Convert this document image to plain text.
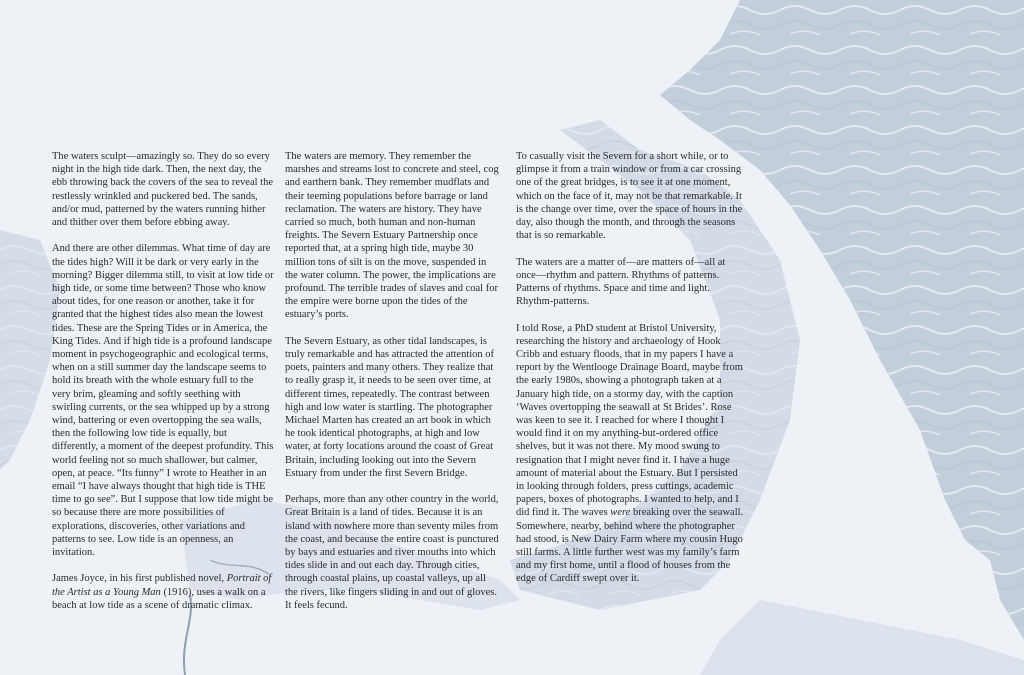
The waters sculpt—amazingly so. They do so every night in the high tide dark. Then, the next day, the ebb throwing back the covers of the sea to reveal the restlessly wrinkled and puckered bed. The sands, and/or mud, patterned by the waters running hither and thither over them before ebbing away.

And there are other dilemmas. What time of day are the tides high? Will it be dark or very early in the morning? Bigger dilemma still, to visit at low tide or high tide, or some time between? Those who know about tides, for one reason or another, take it for granted that the highest tides also mean the lowest tides. These are the Spring Tides or in America, the King Tides. And if high tide is a profound landscape moment in psychogeographic and ecological terms, when on a still summer day the landscape seems to hold its breath with the whole estuary full to the very brim, gleaming and softly seething with swirling currents, or the sea whipped up by a strong wind, battering or even overtopping the sea walls, then the following low tide is equally, but differently, a moment of the deepest profundity. This world feeling not so much shallower, but calmer, open, at peace. “Its funny” I wrote to Heather in an email “I have always thought that high tide is THE time to go see”. But I suppose that low tide might be so because there are more possibilities of explorations, discoveries, other variations and patterns to see. Low tide is an openness, an invitation.

James Joyce, in his first published novel, Portrait of the Artist as a Young Man (1916), uses a walk on a beach at low tide as a scene of dramatic climax.

The waters are memory. They remember the marshes and streams lost to concrete and steel, cog and earthern bank. They remember mudflats and their teeming populations before barrage or land reclamation. The waters are history. They have carried so much, both human and non-human freights. The Severn Estuary Partnership once reported that, at a spring high tide, maybe 30 million tons of silt is on the move, suspended in the water column. The power, the implications are profound. The terrible trades of slaves and coal for the empire were borne upon the tides of the estuary’s ports.

The Severn Estuary, as other tidal landscapes, is truly remarkable and has attracted the attention of poets, painters and many others. They realize that to really grasp it, it needs to be seen over time, at different times, repeatedly. The contrast between high and low water is startling. The photographer Michael Marten has created an art book in which he took identical photographs, at high and low water, at forty locations around the coast of Great Britain, including looking out into the Severn Estuary from under the first Severn Bridge.

Perhaps, more than any other country in the world, Great Britain is a land of tides. Because it is an island with nowhere more than seventy miles from the coast, and because the entire coast is punctured by bays and estuaries and river mouths into which tides slide in and out each day. Through cities, through coastal plains, up coastal valleys, up all the rivers, like fingers sliding in and out of gloves. It feels fecund.

To casually visit the Severn for a short while, or to glimpse it from a train window or from a car crossing one of the great bridges, is to see it at one moment, which on the face of it, may not be that remarkable. It is the change over time, over the space of hours in the day, also though the month, and through the seasons that is so remarkable.

The waters are a matter of—are matters of—all at once—rhythm and pattern. Rhythms of patterns. Patterns of rhythms. Space and time and light. Rhythm-patterns.

I told Rose, a PhD student at Bristol University, researching the history and archaeology of Hook Cribb and estuary floods, that in my papers I have a report by the Wentlooge Drainage Board, maybe from the early 1980s, showing a photograph taken at a January high tide, on a stormy day, with the caption ‘Waves overtopping the seawall at St Brides’. Rose was keen to see it. I reached for where I thought I would find it on my anything-but-ordered office shelves, but it was not there. My mood swung to resignation that I might never find it. I have a huge amount of material about the Estuary. But I persisted in looking through folders, press cuttings, academic papers, boxes of photographs. I wanted to help, and I did find it. The waves were breaking over the seawall. Somewhere, nearby, behind where the photographer had stood, is New Dairy Farm where my cousin Hugo still farms. A little further west was my family’s farm and my first home, until a flood of houses from the edge of Cardiff swept over it.
